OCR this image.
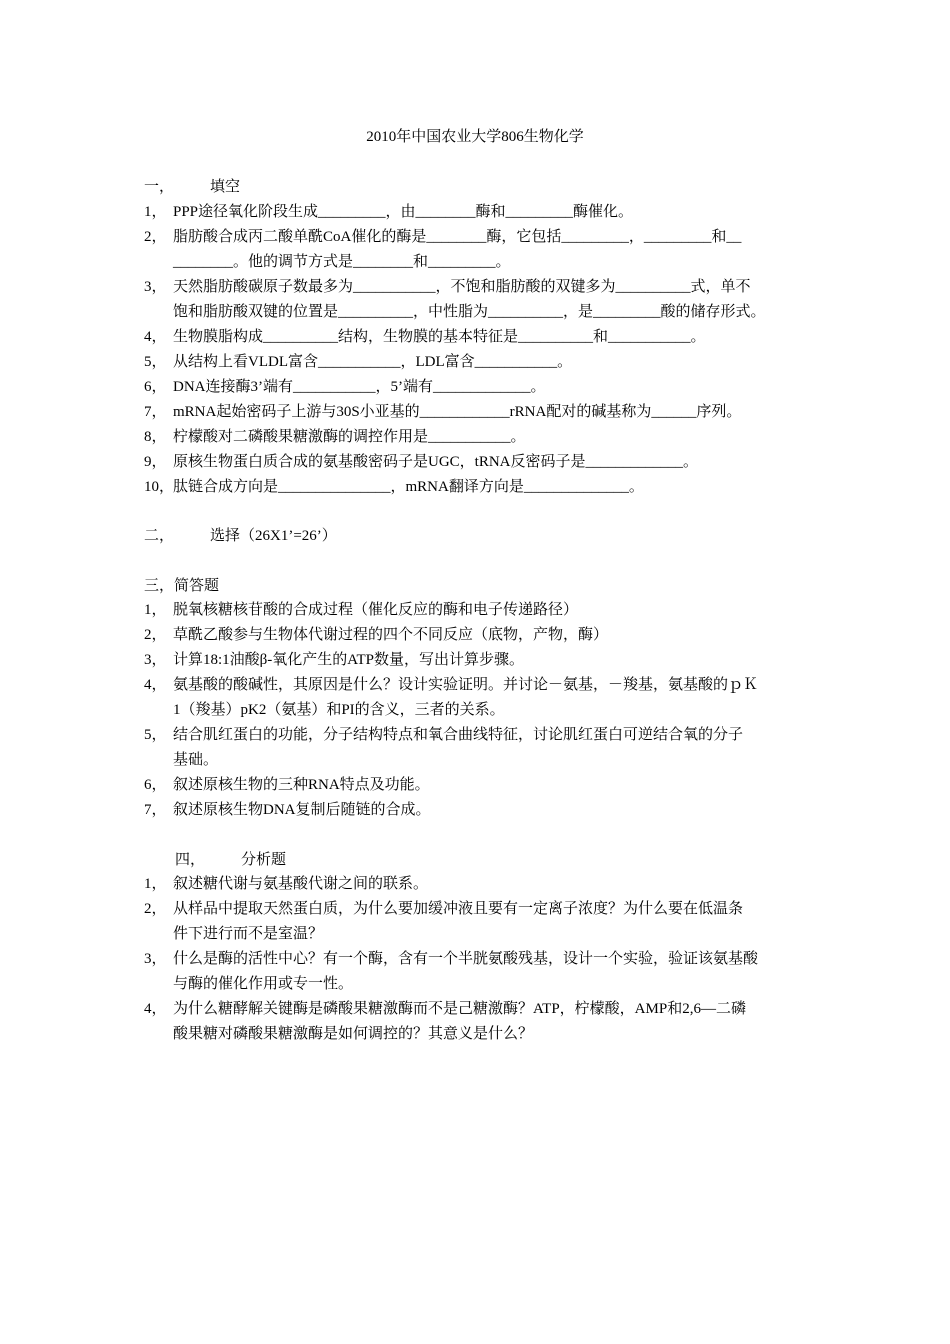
2010年中国农业大学806生物化学
一， 填空
1， PPP途径氧化阶段生成_________，由________酶和_________酶催化。
2， 脂肪酸合成丙二酸单酰CoA催化的酶是________酶，它包括_________，_________和__
________。他的调节方式是________和_________。
3， 天然脂肪酸碳原子数最多为___________，不饱和脂肪酸的双键多为__________式，单不
饱和脂肪酸双键的位置是__________，中性脂为__________，是_________酸的储存形式。
4， 生物膜脂构成__________结构，生物膜的基本特征是__________和___________。
5， 从结构上看VLDL富含___________，LDL富含___________。
6， DNA连接酶3’端有___________，5’端有_____________。
7， mRNA起始密码子上游与30S小亚基的____________rRNA配对的碱基称为______序列。
8， 柠檬酸对二磷酸果糖激酶的调控作用是___________。
9， 原核生物蛋白质合成的氨基酸密码子是UGC，tRNA反密码子是_____________。
10，
肽链合成方向是_______________，mRNA翻译方向是______________。
二， 选择（26X1’=26’）
三，简答题
1， 脱氧核糖核苷酸的合成过程（催化反应的酶和电子传递路径）
2， 草酰乙酸参与生物体代谢过程的四个不同反应（底物，产物，酶）
3， 计算18:1油酸β-氧化产生的ATP数量，写出计算步骤。
4， 氨基酸的酸碱性，其原因是什么？设计实验证明。并讨论－氨基，－羧基，氨基酸的ｐＫ
1（羧基）pK2（氨基）和PI的含义，三者的关系。
5， 结合肌红蛋白的功能，分子结构特点和氧合曲线特征，讨论肌红蛋白可逆结合氧的分子
基础。
6， 叙述原核生物的三种RNA特点及功能。
7， 叙述原核生物DNA复制后随链的合成。
四， 分析题
1， 叙述糖代谢与氨基酸代谢之间的联系。
2， 从样品中提取天然蛋白质，为什么要加缓冲液且要有一定离子浓度？为什么要在低温条
件下进行而不是室温？
3， 什么是酶的活性中心？有一个酶，含有一个半胱氨酸残基，设计一个实验，验证该氨基酸
与酶的催化作用或专一性。
4， 为什么糖酵解关键酶是磷酸果糖激酶而不是己糖激酶？ATP，柠檬酸，AMP和2,6—二磷
酸果糖对磷酸果糖激酶是如何调控的？其意义是什么？
